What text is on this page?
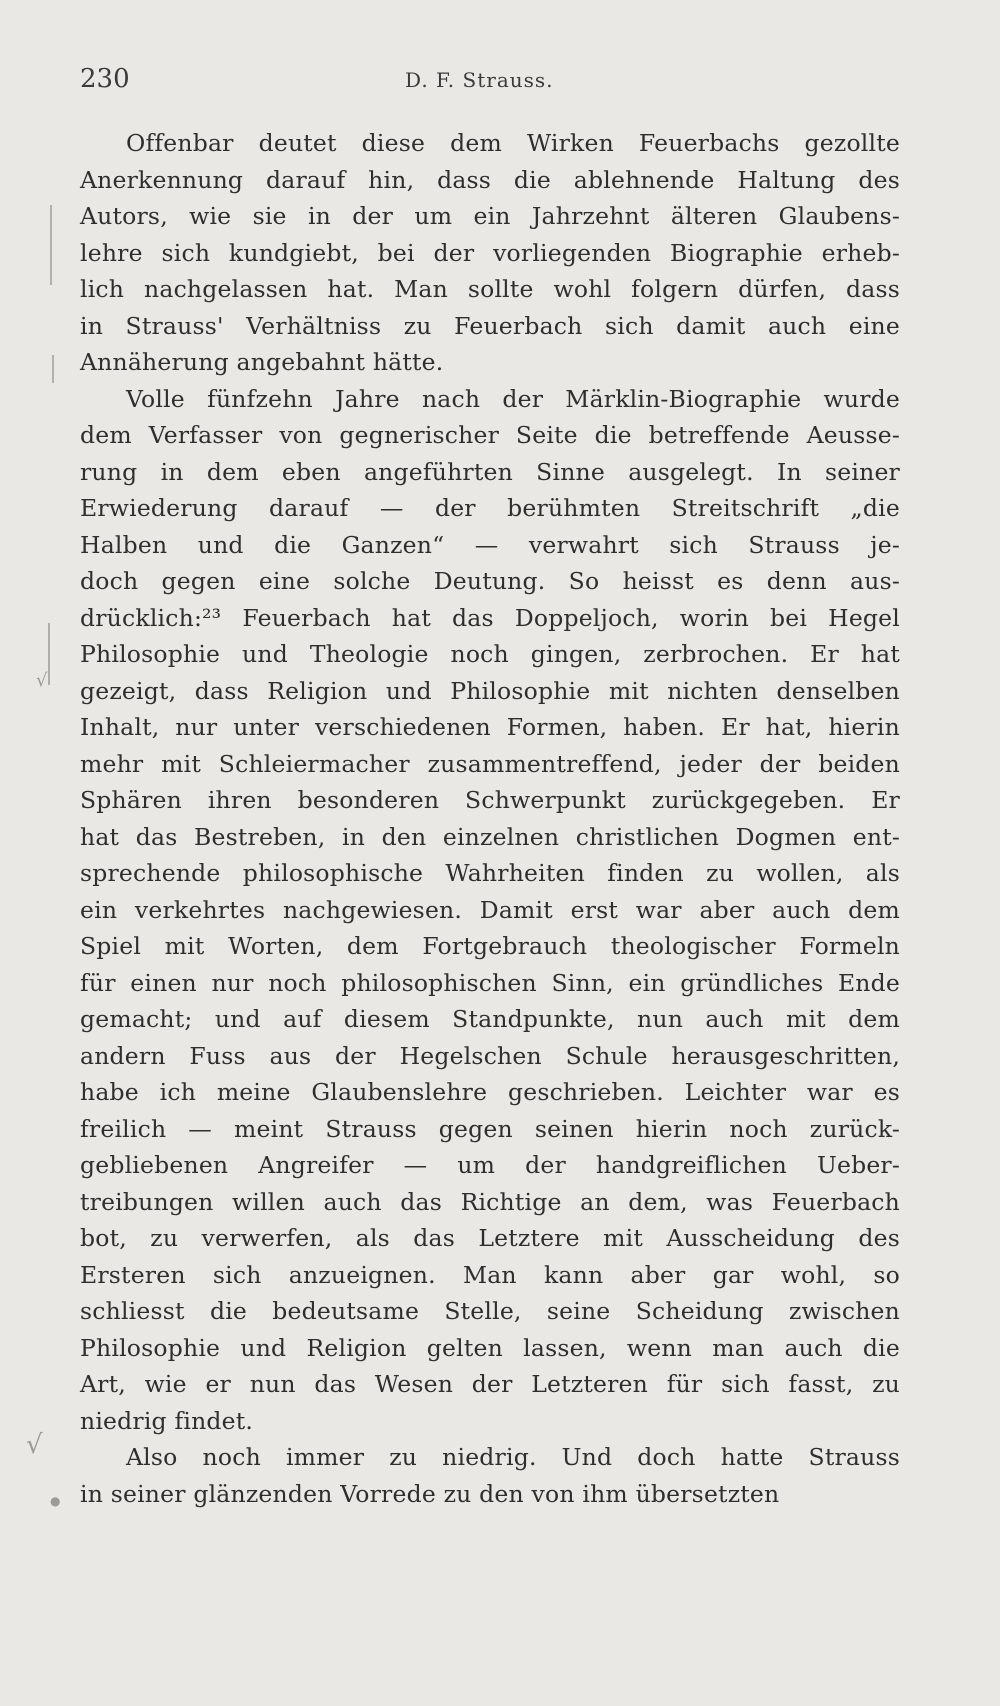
230	D. F. Strauss.
√
√
●

Offenbar deutet diese dem Wirken Feuerbachs gezollte
Anerkennung darauf hin, dass die ablehnende Haltung des
Autors, wie sie in der um ein Jahrzehnt älteren Glaubens-
lehre sich kundgiebt, bei der vorliegenden Biographie erheb-
lich nachgelassen hat. Man sollte wohl folgern dürfen, dass
in Strauss' Verhältniss zu Feuerbach sich damit auch eine
Annäherung angebahnt hätte.

Volle fünfzehn Jahre nach der Märklin-Biographie wurde
dem Verfasser von gegnerischer Seite die betreffende Aeusse-
rung in dem eben angeführten Sinne ausgelegt. In seiner
Erwiederung darauf — der berühmten Streitschrift „die
Halben und die Ganzen“ — verwahrt sich Strauss je-
doch gegen eine solche Deutung. So heisst es denn aus-
drücklich:²³ Feuerbach hat das Doppeljoch, worin bei Hegel
Philosophie und Theologie noch gingen, zerbrochen. Er hat
gezeigt, dass Religion und Philosophie mit nichten denselben
Inhalt, nur unter verschiedenen Formen, haben. Er hat, hierin
mehr mit Schleiermacher zusammentreffend, jeder der beiden
Sphären ihren besonderen Schwerpunkt zurückgegeben. Er
hat das Bestreben, in den einzelnen christlichen Dogmen ent-
sprechende philosophische Wahrheiten finden zu wollen, als
ein verkehrtes nachgewiesen. Damit erst war aber auch dem
Spiel mit Worten, dem Fortgebrauch theologischer Formeln
für einen nur noch philosophischen Sinn, ein gründliches Ende
gemacht; und auf diesem Standpunkte, nun auch mit dem
andern Fuss aus der Hegelschen Schule herausgeschritten,
habe ich meine Glaubenslehre geschrieben. Leichter war es
freilich — meint Strauss gegen seinen hierin noch zurück-
gebliebenen Angreifer — um der handgreiflichen Ueber-
treibungen willen auch das Richtige an dem, was Feuerbach
bot, zu verwerfen, als das Letztere mit Ausscheidung des
Ersteren sich anzueignen. Man kann aber gar wohl, so
schliesst die bedeutsame Stelle, seine Scheidung zwischen
Philosophie und Religion gelten lassen, wenn man auch die
Art, wie er nun das Wesen der Letzteren für sich fasst, zu
niedrig findet.

Also noch immer zu niedrig. Und doch hatte Strauss
in seiner glänzenden Vorrede zu den von ihm übersetzten
